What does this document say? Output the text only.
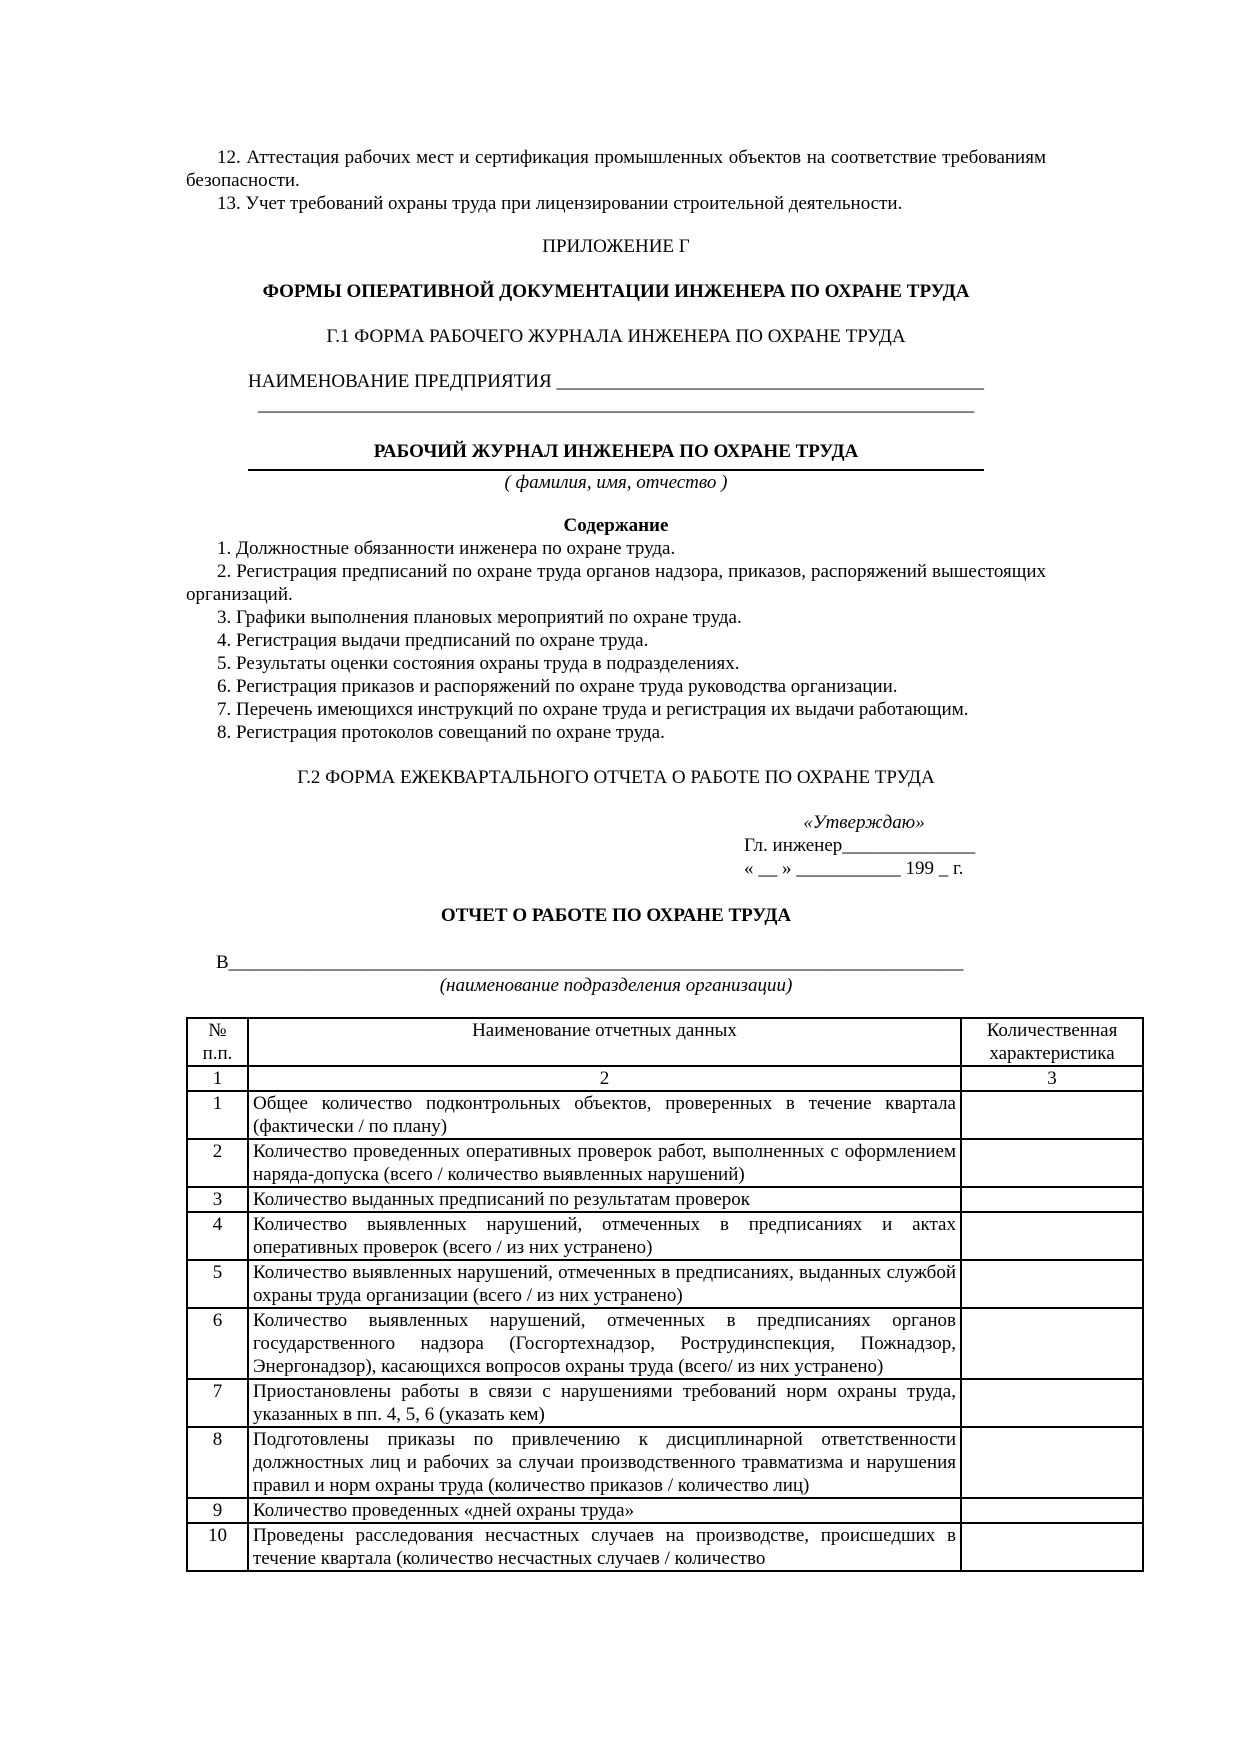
12. Аттестация рабочих мест и сертификация промышленных объектов на соответствие требованиям безопасности.

13. Учет требований охраны труда при лицензировании строительной деятельности.

ПРИЛОЖЕНИЕ Г

ФОРМЫ ОПЕРАТИВНОЙ ДОКУМЕНТАЦИИ ИНЖЕНЕРА ПО ОХРАНЕ ТРУДА

Г.1 ФОРМА РАБОЧЕГО ЖУРНАЛА ИНЖЕНЕРА ПО ОХРАНЕ ТРУДА

НАИМЕНОВАНИЕ ПРЕДПРИЯТИЯ _____________________________________________

_____________________________________________________________________________

РАБОЧИЙ ЖУРНАЛ ИНЖЕНЕРА ПО ОХРАНЕ ТРУДА

( фамилия, имя, отчество )

Содержание

1. Должностные обязанности инженера по охране труда.

2. Регистрация предписаний по охране труда органов надзора, приказов, распоряжений вышестоящих организаций.

3. Графики выполнения плановых мероприятий по охране труда.

4. Регистрация выдачи предписаний по охране труда.

5. Результаты оценки состояния охраны труда в подразделениях.

6. Регистрация приказов и распоряжений по охране труда руководства организации.

7. Перечень имеющихся инструкций по охране труда и регистрация их выдачи работающим.

8. Регистрация протоколов совещаний по охране труда.

Г.2 ФОРМА ЕЖЕКВАРТАЛЬНОГО ОТЧЕТА О РАБОТЕ ПО ОХРАНЕ ТРУДА

«Утверждаю»

Гл. инженер______________

« __ » ___________ 199 _ г.

ОТЧЕТ О РАБОТЕ ПО ОХРАНЕ ТРУДА

В_______________________________________________________________________________

(наименование подразделения организации)

№ п.п.	Наименование отчетных данных	Количественная характеристика
1	2	3
1	Общее количество подконтрольных объектов, проверенных в течение квартала (фактически / по плану)	
2	Количество проведенных оперативных проверок работ, выполненных с оформлением наряда-допуска (всего / количество выявленных нарушений)	
3	Количество выданных предписаний по результатам проверок	
4	Количество выявленных нарушений, отмеченных в предписаниях и актах оперативных проверок (всего / из них устранено)	
5	Количество выявленных нарушений, отмеченных в предписаниях, выданных службой охраны труда организации (всего / из них устранено)	
6	Количество выявленных нарушений, отмеченных в предписаниях органов государственного надзора (Госгортехнадзор, Рострудинспекция, Пожнадзор, Энергонадзор), касающихся вопросов охраны труда (всего/ из них устранено)	
7	Приостановлены работы в связи с нарушениями требований норм охраны труда, указанных в пп. 4, 5, 6 (указать кем)	
8	Подготовлены приказы по привлечению к дисциплинарной ответственности должностных лиц и рабочих за случаи производственного травматизма и нарушения правил и норм охраны труда (количество приказов / количество лиц)	
9	Количество проведенных «дней охраны труда»	
10	Проведены расследования несчастных случаев на производстве, происшедших в течение квартала (количество несчастных случаев / количество	
